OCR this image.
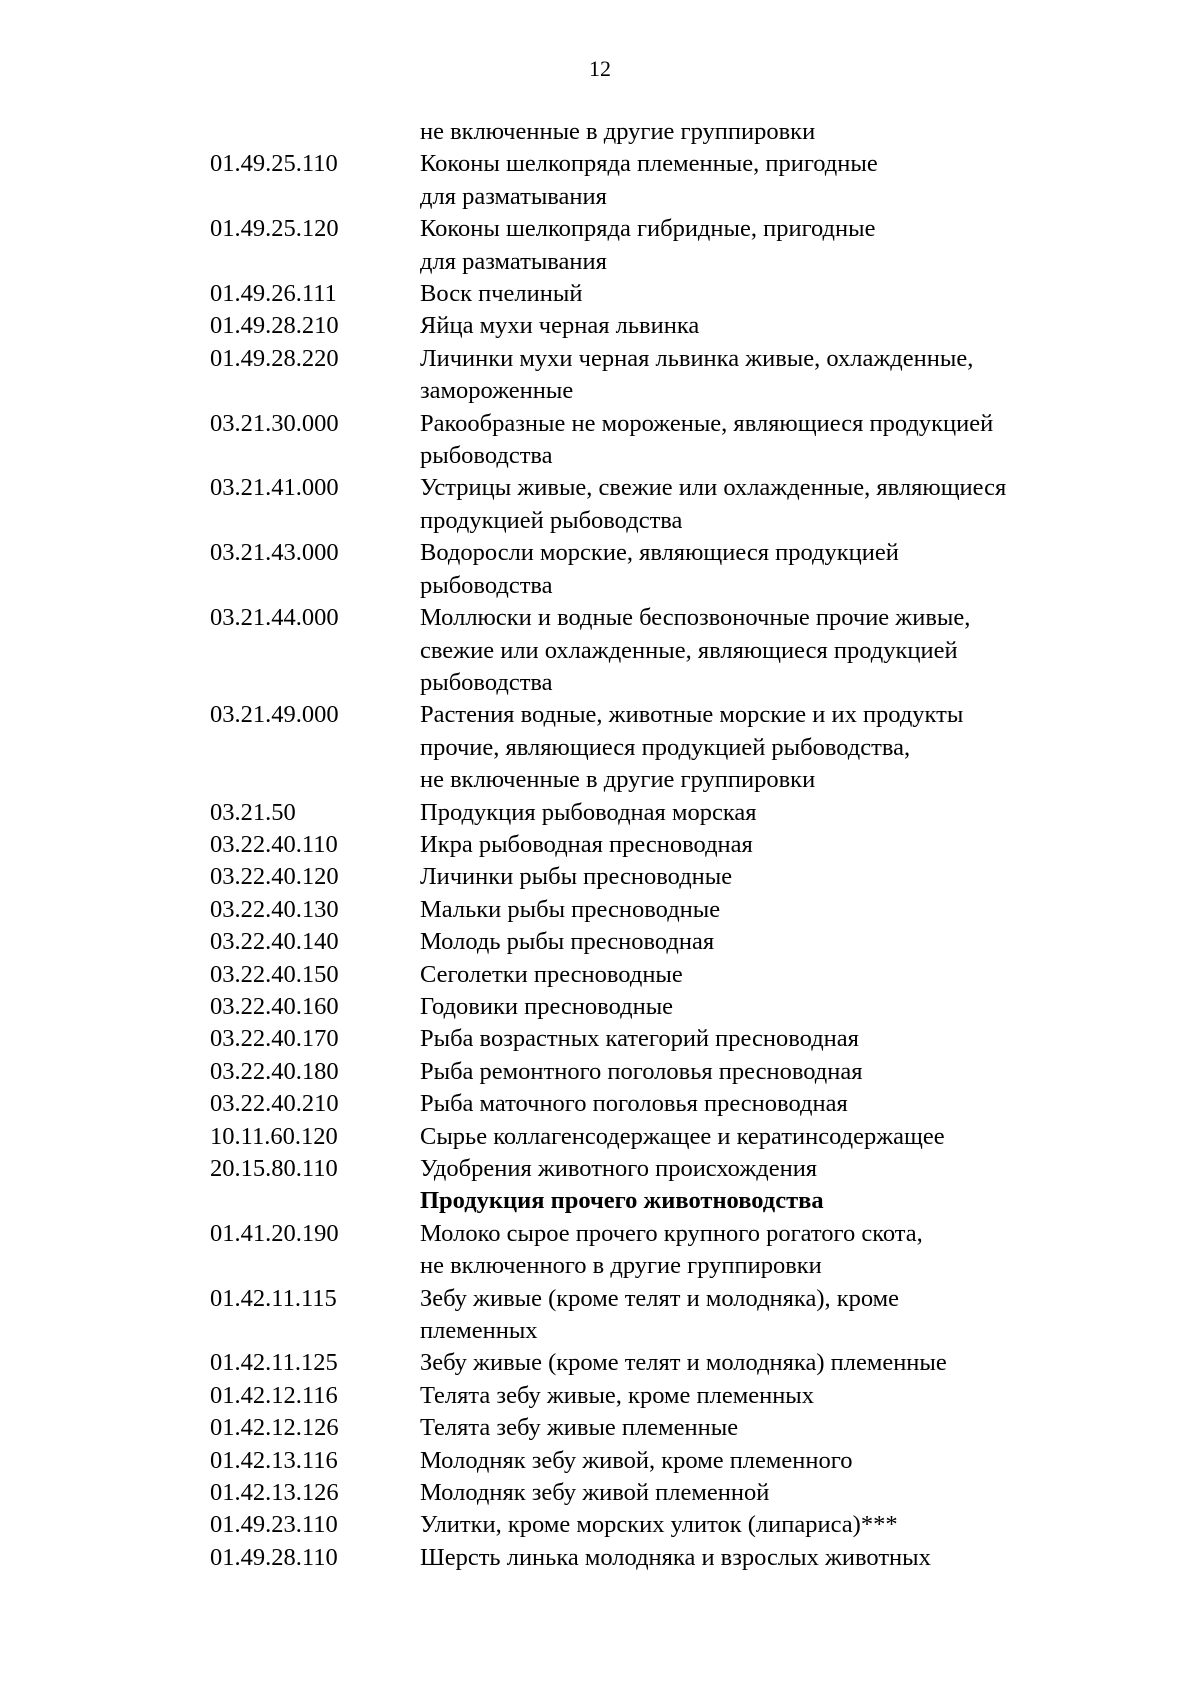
12
не включенные в другие группировки
01.49.25.110	Коконы шелкопряда племенные, пригодные
для разматывания
01.49.25.120	Коконы шелкопряда гибридные, пригодные
для разматывания
01.49.26.111	Воск пчелиный
01.49.28.210	Яйца мухи черная львинка
01.49.28.220	Личинки мухи черная львинка живые, охлажденные,
замороженные
03.21.30.000	Ракообразные не мороженые, являющиеся продукцией
рыбоводства
03.21.41.000	Устрицы живые, свежие или охлажденные, являющиеся
продукцией рыбоводства
03.21.43.000	Водоросли морские, являющиеся продукцией
рыбоводства
03.21.44.000	Моллюски и водные беспозвоночные прочие живые,
свежие или охлажденные, являющиеся продукцией
рыбоводства
03.21.49.000	Растения водные, животные морские и их продукты
прочие, являющиеся продукцией рыбоводства,
не включенные в другие группировки
03.21.50	Продукция рыбоводная морская
03.22.40.110	Икра рыбоводная пресноводная
03.22.40.120	Личинки рыбы пресноводные
03.22.40.130	Мальки рыбы пресноводные
03.22.40.140	Молодь рыбы пресноводная
03.22.40.150	Сеголетки пресноводные
03.22.40.160	Годовики пресноводные
03.22.40.170	Рыба возрастных категорий пресноводная
03.22.40.180	Рыба ремонтного поголовья пресноводная
03.22.40.210	Рыба маточного поголовья пресноводная
10.11.60.120	Сырье коллагенсодержащее и кератинсодержащее
20.15.80.110	Удобрения животного происхождения
Продукция прочего животноводства
01.41.20.190	Молоко сырое прочего крупного рогатого скота,
не включенного в другие группировки
01.42.11.115	Зебу живые (кроме телят и молодняка), кроме
племенных
01.42.11.125	Зебу живые (кроме телят и молодняка) племенные
01.42.12.116	Телята зебу живые, кроме племенных
01.42.12.126	Телята зебу живые племенные
01.42.13.116	Молодняк зебу живой, кроме племенного
01.42.13.126	Молодняк зебу живой племенной
01.49.23.110	Улитки, кроме морских улиток (липариса)***
01.49.28.110	Шерсть линька молодняка и взрослых животных
